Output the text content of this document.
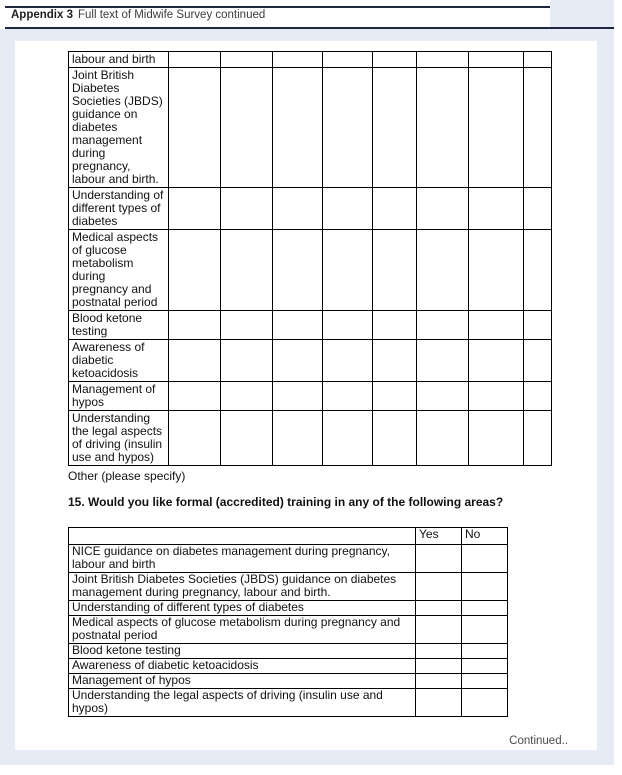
Appendix 3 Full text of Midwife Survey continued
labour and birth								
Joint British Diabetes Societies (JBDS) guidance on diabetes management during pregnancy, labour and birth.								
Understanding of different types of diabetes								
Medical aspects of glucose metabolism during pregnancy and postnatal period								
Blood ketone testing								
Awareness of diabetic ketoacidosis								
Management of hypos								
Understanding the legal aspects of driving (insulin use and hypos)								
Other (please specify)
15. Would you like formal (accredited) training in any of the following areas?
	Yes	No
NICE guidance on diabetes management during pregnancy, labour and birth		
Joint British Diabetes Societies (JBDS) guidance on diabetes management during pregnancy, labour and birth.		
Understanding of different types of diabetes		
Medical aspects of glucose metabolism during pregnancy and postnatal period		
Blood ketone testing		
Awareness of diabetic ketoacidosis		
Management of hypos		
Understanding the legal aspects of driving (insulin use and hypos)		
Continued..
